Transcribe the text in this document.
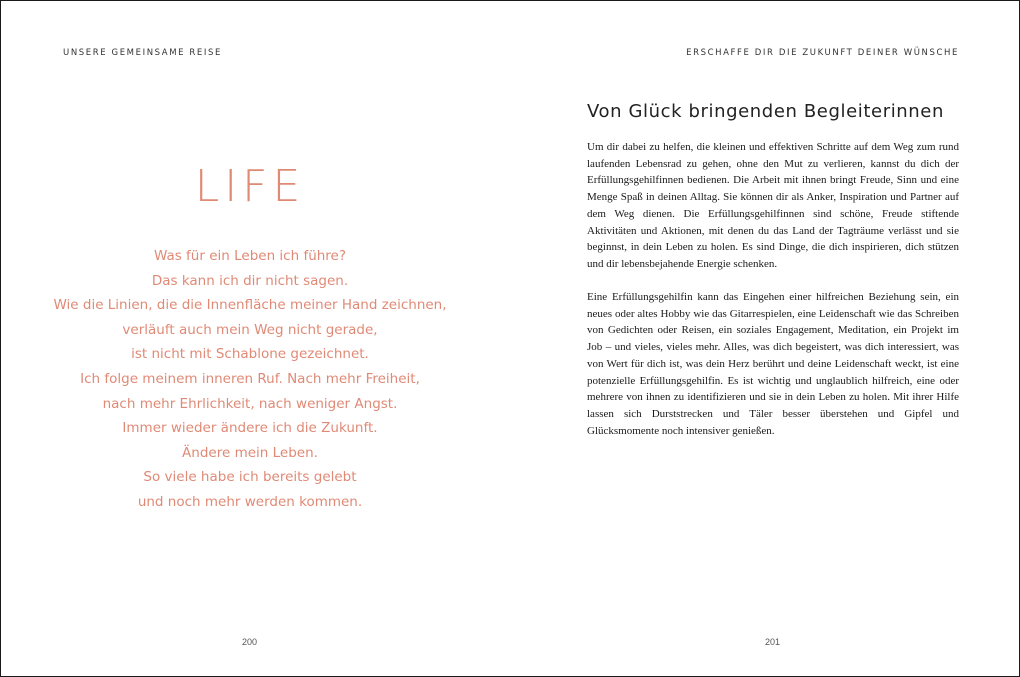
UNSERE GEMEINSAME REISE
LIFE
Was für ein Leben ich führe?
Das kann ich dir nicht sagen.
Wie die Linien, die die Innenfläche meiner Hand zeichnen,
verläuft auch mein Weg nicht gerade,
ist nicht mit Schablone gezeichnet.
Ich folge meinem inneren Ruf. Nach mehr Freiheit,
nach mehr Ehrlichkeit, nach weniger Angst.
Immer wieder ändere ich die Zukunft.
Ändere mein Leben.
So viele habe ich bereits gelebt
und noch mehr werden kommen.
200
ERSCHAFFE DIR DIE ZUKUNFT DEINER WÜNSCHE
Von Glück bringenden Begleiterinnen

Um dir dabei zu helfen, die kleinen und effektiven Schritte auf dem Weg zum rund laufenden Lebensrad zu gehen, ohne den Mut zu verlieren, kannst du dich der Erfüllungsgehilfinnen bedienen. Die Arbeit mit ihnen bringt Freude, Sinn und eine Menge Spaß in deinen Alltag. Sie können dir als Anker, Inspiration und Partner auf dem Weg dienen. Die Erfüllungsgehilfinnen sind schöne, Freude stiftende Aktivitäten und Aktionen, mit denen du das Land der Tagträume verlässt und sie beginnst, in dein Leben zu holen. Es sind Dinge, die dich inspirieren, dich stützen und dir lebensbejahende Energie schenken.

Eine Erfüllungsgehilfin kann das Eingehen einer hilfreichen Beziehung sein, ein neues oder altes Hobby wie das Gitarrespielen, eine Leidenschaft wie das Schreiben von Gedichten oder Reisen, ein soziales Engagement, Meditation, ein Projekt im Job – und vieles, vieles mehr. Alles, was dich begeistert, was dich interessiert, was von Wert für dich ist, was dein Herz berührt und deine Leidenschaft weckt, ist eine potenzielle Erfüllungsgehilfin. Es ist wichtig und unglaublich hilfreich, eine oder mehrere von ihnen zu identifizieren und sie in dein Leben zu holen. Mit ihrer Hilfe lassen sich Durststrecken und Täler besser überstehen und Gipfel und Glücksmomente noch intensiver genießen.

201
